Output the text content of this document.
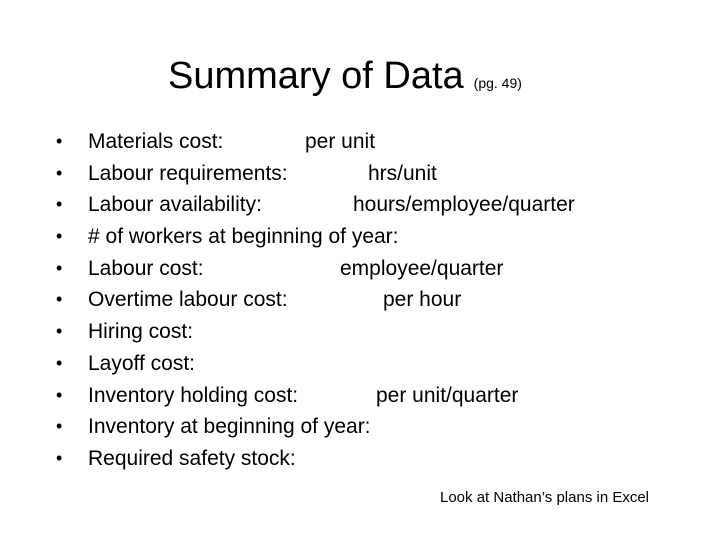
Summary of Data (pg. 49)
• Materials cost:	per unit
• Labour requirements:	hrs/unit
• Labour availability:	hours/employee/quarter
• # of workers at beginning of year:
• Labour cost:	employee/quarter
• Overtime labour cost:	per hour
• Hiring cost:
• Layoff cost:
• Inventory holding cost:	per unit/quarter
• Inventory at beginning of year:
• Required safety stock:
Look at Nathan’s plans in Excel
